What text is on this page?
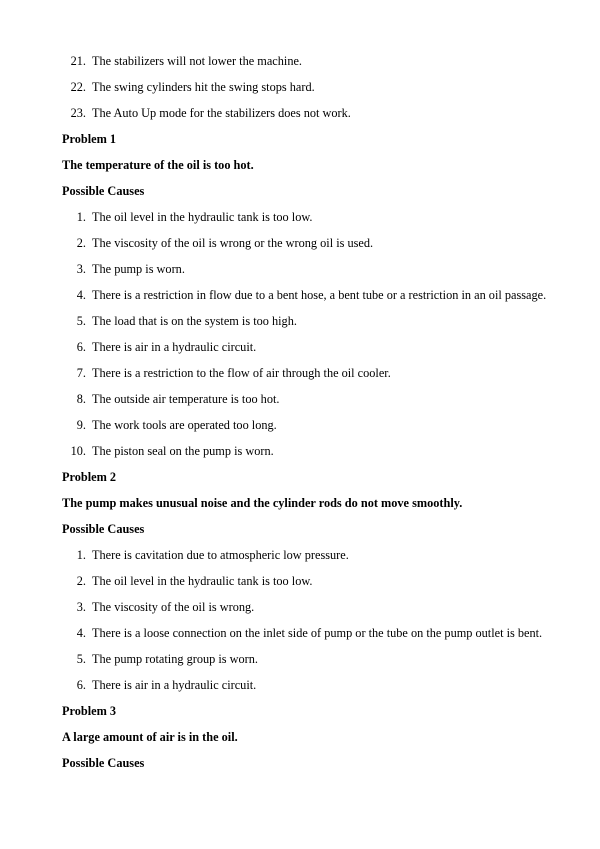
21. The stabilizers will not lower the machine.
22. The swing cylinders hit the swing stops hard.
23. The Auto Up mode for the stabilizers does not work.
Problem 1
The temperature of the oil is too hot.
Possible Causes
1. The oil level in the hydraulic tank is too low.
2. The viscosity of the oil is wrong or the wrong oil is used.
3. The pump is worn.
4. There is a restriction in flow due to a bent hose, a bent tube or a restriction in an oil passage.
5. The load that is on the system is too high.
6. There is air in a hydraulic circuit.
7. There is a restriction to the flow of air through the oil cooler.
8. The outside air temperature is too hot.
9. The work tools are operated too long.
10. The piston seal on the pump is worn.
Problem 2
The pump makes unusual noise and the cylinder rods do not move smoothly.
Possible Causes
1. There is cavitation due to atmospheric low pressure.
2. The oil level in the hydraulic tank is too low.
3. The viscosity of the oil is wrong.
4. There is a loose connection on the inlet side of pump or the tube on the pump outlet is bent.
5. The pump rotating group is worn.
6. There is air in a hydraulic circuit.
Problem 3
A large amount of air is in the oil.
Possible Causes
